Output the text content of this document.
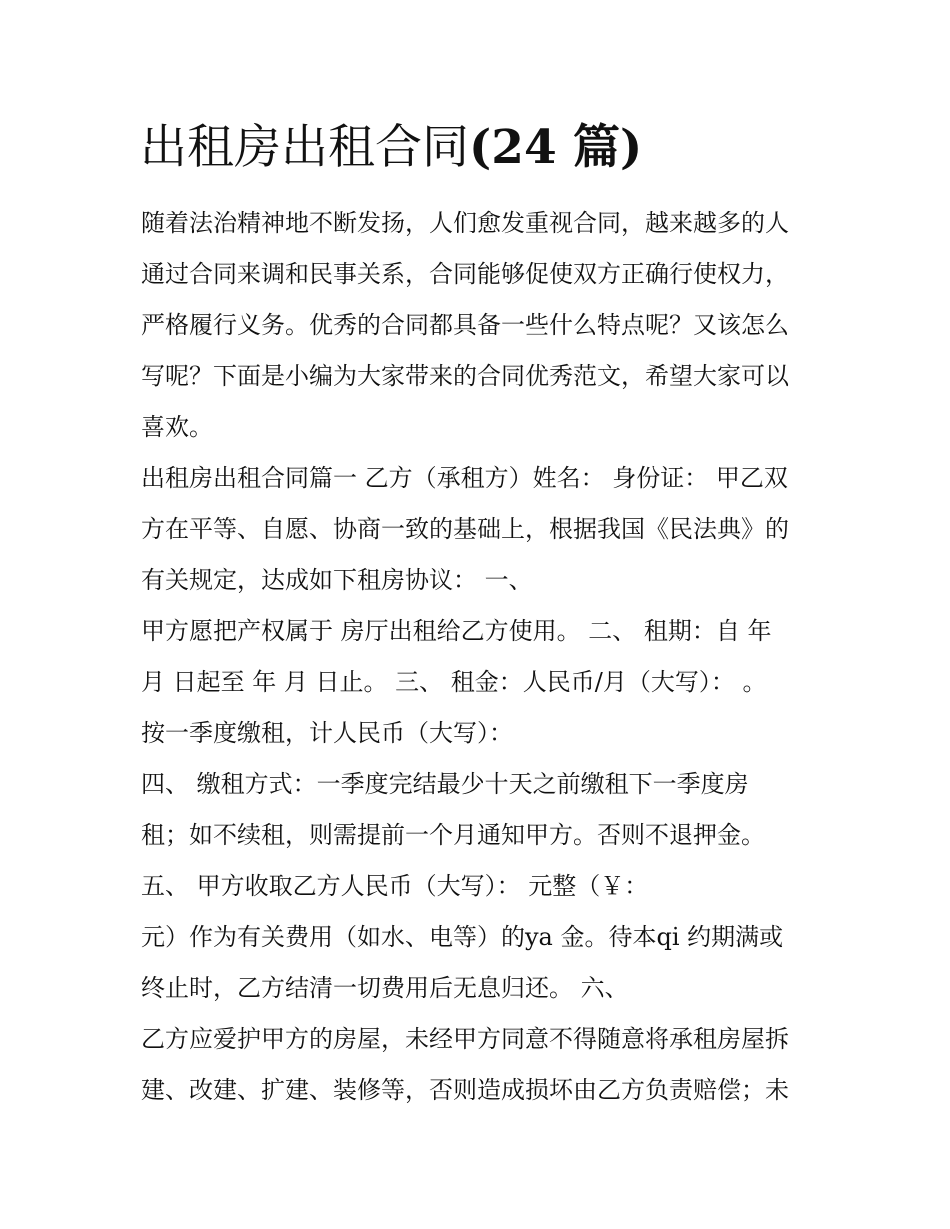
出租房出租合同(24 篇)
随着法治精神地不断发扬，人们愈发重视合同，越来越多的人
通过合同来调和民事关系，合同能够促使双方正确行使权力，
严格履行义务。优秀的合同都具备一些什么特点呢？又该怎么
写呢？下面是小编为大家带来的合同优秀范文，希望大家可以
喜欢。
出租房出租合同篇一 乙方（承租方）姓名： 身份证： 甲乙双
方在平等、自愿、协商一致的基础上，根据我国《民法典》的
有关规定，达成如下租房协议： 一、
甲方愿把产权属于 房厅出租给乙方使用。 二、 租期：自 年
月 日起至 年 月 日止。 三、 租金：人民币/月（大写）： 。
按一季度缴租，计人民币（大写）：
四、 缴租方式：一季度完结最少十天之前缴租下一季度房
租；如不续租，则需提前一个月通知甲方。否则不退押金。
五、 甲方收取乙方人民币（大写）： 元整（￥：
元）作为有关费用（如水、电等）的ya 金。待本qi 约期满或
终止时，乙方结清一切费用后无息归还。 六、
乙方应爱护甲方的房屋，未经甲方同意不得随意将承租房屋拆
建、改建、扩建、装修等，否则造成损坏由乙方负责赔偿；未
